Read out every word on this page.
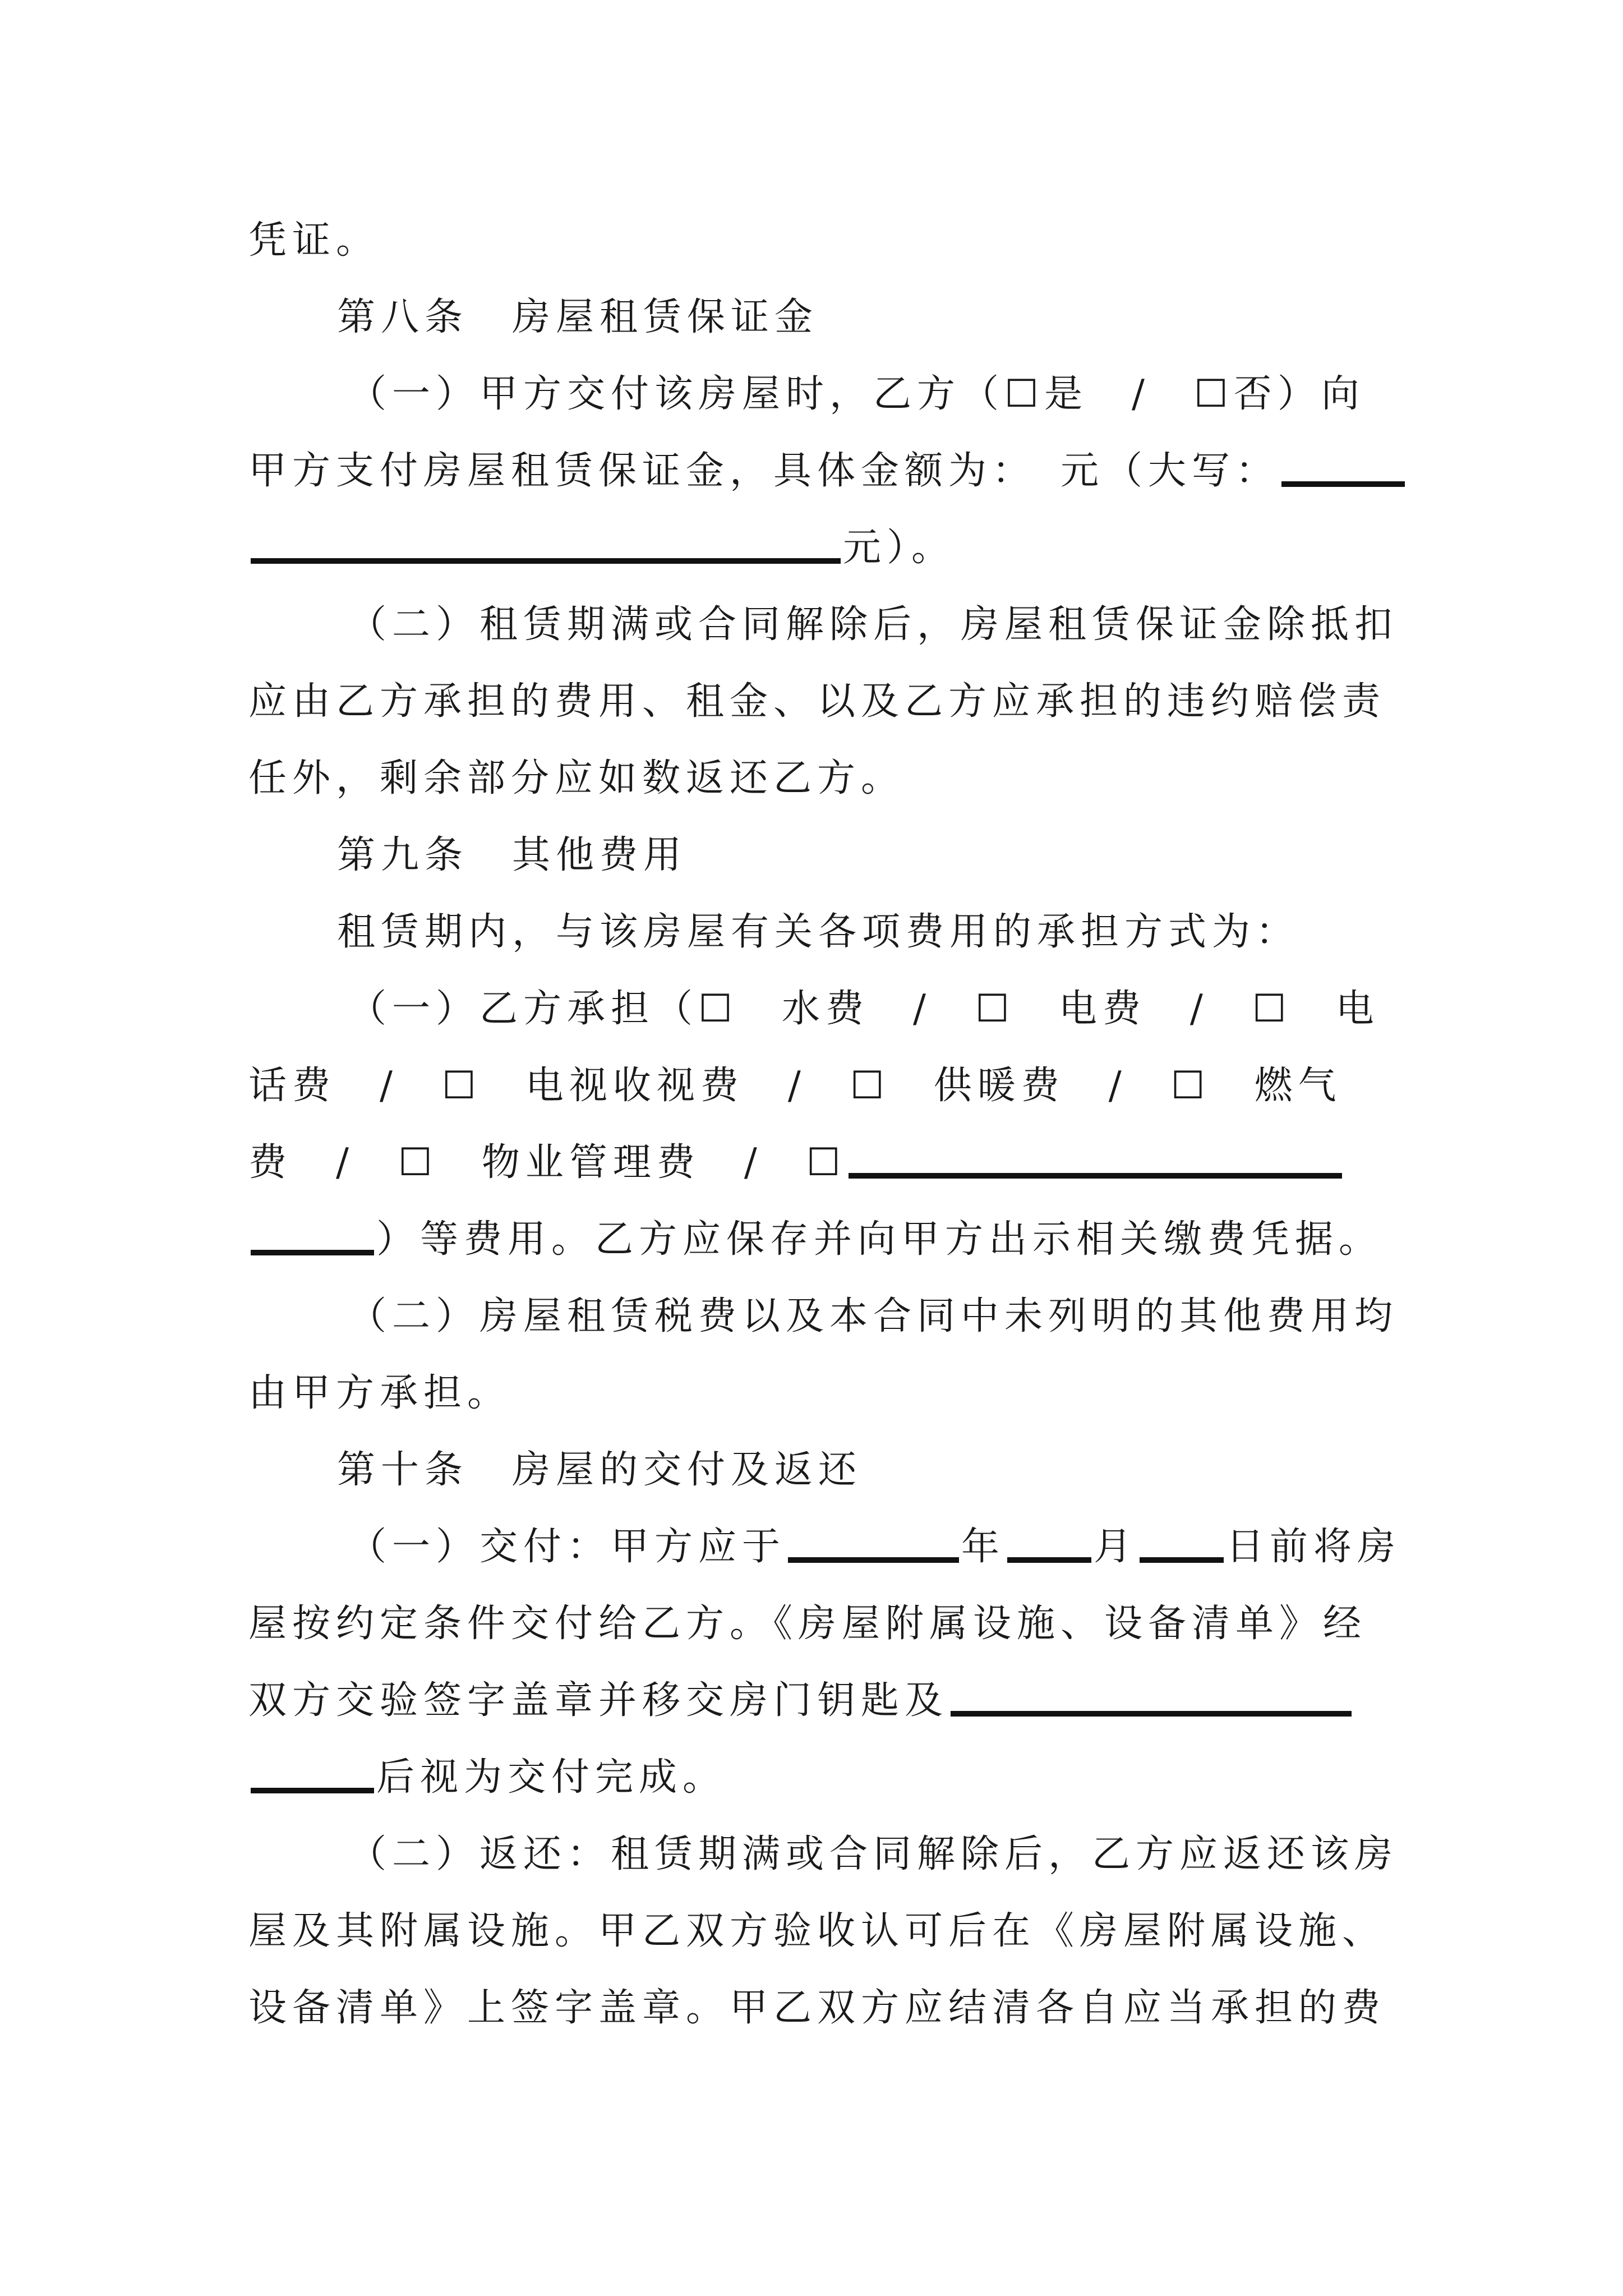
凭证。
第八条　房屋租赁保证金
（一）甲方交付该房屋时，乙方（☐是　/　☐否）向
甲方支付房屋租赁保证金，具体金额为：　元（大写：
元）。
（二）租赁期满或合同解除后，房屋租赁保证金除抵扣
应由乙方承担的费用、租金、以及乙方应承担的违约赔偿责
任外，剩余部分应如数返还乙方。
第九条　其他费用
租赁期内，与该房屋有关各项费用的承担方式为：
（一）乙方承担（☐　水费　/　☐　电费　/　☐　电
话费　/　☐　电视收视费　/　☐　供暖费　/　☐　燃气
费　/　☐　物业管理费　/　☐
）等费用。乙方应保存并向甲方出示相关缴费凭据。
（二）房屋租赁税费以及本合同中未列明的其他费用均
由甲方承担。
第十条　房屋的交付及返还
（一）交付：甲方应于	年 月 日前将房
屋按约定条件交付给乙方。《房屋附属设施、设备清单》经
双方交验签字盖章并移交房门钥匙及
后视为交付完成。
（二）返还：租赁期满或合同解除后，乙方应返还该房
屋及其附属设施。甲乙双方验收认可后在《房屋附属设施、
设备清单》上签字盖章。甲乙双方应结清各自应当承担的费
